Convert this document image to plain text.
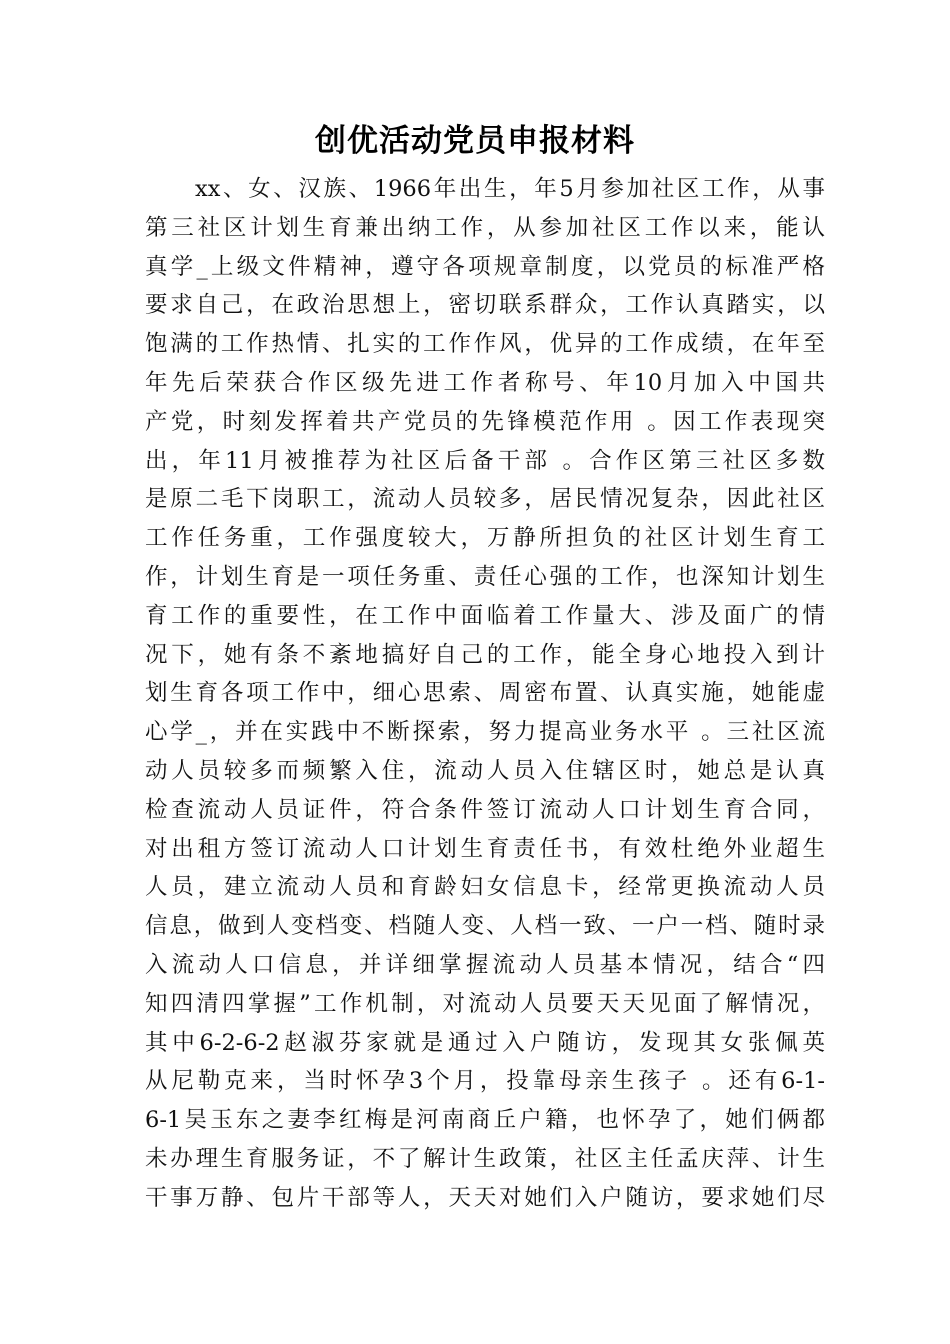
创优活动党员申报材料
xx、女、汉族、1966年出生，年5月参加社区工作，从事
第三社区计划生育兼出纳工作，从参加社区工作以来，能认
真学_上级文件精神，遵守各项规章制度，以党员的标准严格
要求自己，在政治思想上，密切联系群众，工作认真踏实，以
饱满的工作热情、扎实的工作作风，优异的工作成绩，在年至
年先后荣获合作区级先进工作者称号、年10月加入中国共
产党，时刻发挥着共产党员的先锋模范作用 。因工作表现突
出，年11月被推荐为社区后备干部 。合作区第三社区多数
是原二毛下岗职工，流动人员较多，居民情况复杂，因此社区
工作任务重，工作强度较大，万静所担负的社区计划生育工
作，计划生育是一项任务重、责任心强的工作，也深知计划生
育工作的重要性，在工作中面临着工作量大、涉及面广的情
况下，她有条不紊地搞好自己的工作，能全身心地投入到计
划生育各项工作中，细心思索、周密布置、认真实施，她能虚
心学_，并在实践中不断探索，努力提高业务水平 。三社区流
动人员较多而频繁入住，流动人员入住辖区时，她总是认真
检查流动人员证件，符合条件签订流动人口计划生育合同，
对出租方签订流动人口计划生育责任书，有效杜绝外业超生
人员，建立流动人员和育龄妇女信息卡，经常更换流动人员
信息，做到人变档变、档随人变、人档一致、一户一档、随时录
入流动人口信息，并详细掌握流动人员基本情况，结合“四
知四清四掌握”工作机制，对流动人员要天天见面了解情况，
其中6-2-6-2赵淑芬家就是通过入户随访，发现其女张佩英
从尼勒克来，当时怀孕3个月，投靠母亲生孩子 。还有6-1-
6-1吴玉东之妻李红梅是河南商丘户籍，也怀孕了，她们俩都
未办理生育服务证，不了解计生政策，社区主任孟庆萍、计生
干事万静、包片干部等人，天天对她们入户随访，要求她们尽
